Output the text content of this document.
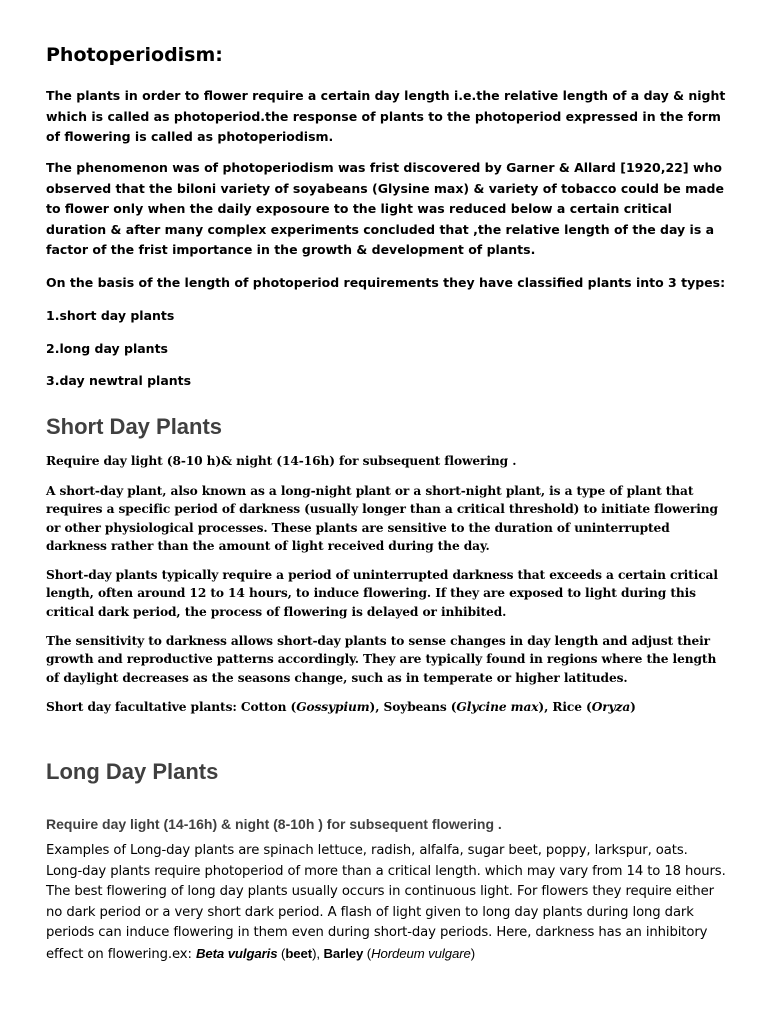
Photoperiodism:

The plants in order to flower require a certain day length i.e.the relative length of a day & night which is called as photoperiod.the response of plants to the photoperiod expressed in the form of flowering is called as photoperiodism.

The phenomenon was of photoperiodism was frist discovered by Garner & Allard [1920,22] who observed that the biloni variety of soyabeans (Glysine max) & variety of tobacco could be made to flower only when the daily exposoure to the light was reduced below a certain critical duration & after many complex experiments concluded that ,the relative length of the day is a factor of the frist importance in the growth & development of plants.

On the basis of the length of photoperiod requirements they have classified plants into 3 types:

1.short day plants
2.long day plants
3.day newtral plants
Short Day Plants

Require day light (8-10 h)& night (14-16h) for subsequent flowering .

A short-day plant, also known as a long-night plant or a short-night plant, is a type of plant that requires a specific period of darkness (usually longer than a critical threshold) to initiate flowering or other physiological processes. These plants are sensitive to the duration of uninterrupted darkness rather than the amount of light received during the day.

Short-day plants typically require a period of uninterrupted darkness that exceeds a certain critical length, often around 12 to 14 hours, to induce flowering. If they are exposed to light during this critical dark period, the process of flowering is delayed or inhibited.

The sensitivity to darkness allows short-day plants to sense changes in day length and adjust their growth and reproductive patterns accordingly. They are typically found in regions where the length of daylight decreases as the seasons change, such as in temperate or higher latitudes.

Short day facultative plants: Cotton (Gossypium), Soybeans (Glycine max), Rice (Oryza)

Long Day Plants

Require day light (14-16h) & night (8-10h ) for subsequent flowering .

Examples of Long-day plants are spinach lettuce, radish, alfalfa, sugar beet, poppy, larkspur, oats. Long-day plants require photoperiod of more than a critical length. which may vary from 14 to 18 hours. The best flowering of long day plants usually occurs in continuous light. For flowers they require either no dark period or a very short dark period. A flash of light given to long day plants during long dark periods can induce flowering in them even during short-day periods. Here, darkness has an inhibitory effect on flowering.ex: Beta vulgaris (beet), Barley (Hordeum vulgare)
